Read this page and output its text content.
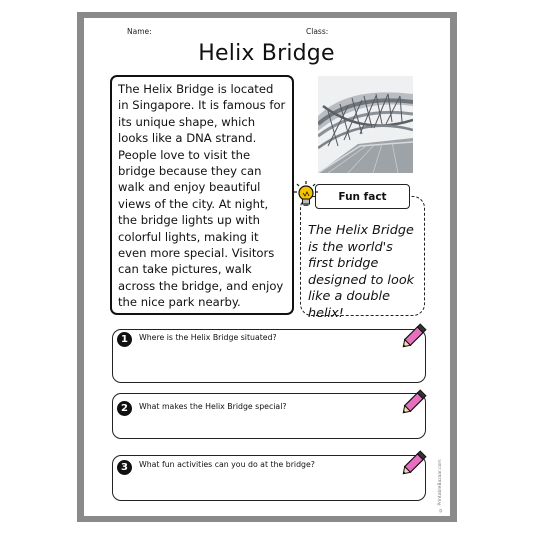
Name:	Class:
Helix Bridge
The Helix Bridge is located in Singapore. It is famous for its unique shape, which looks like a DNA strand. People love to visit the bridge because they can walk and enjoy beautiful views of the city. At night, the bridge lights up with colorful lights, making it even more special. Visitors can take pictures, walk across the bridge, and enjoy the nice park nearby.
The Helix Bridge is the world's first bridge designed to look like a double helix!
Fun fact
1	Where is the Helix Bridge situated?
2	What makes the Helix Bridge special?
3	What fun activities can you do at the bridge?	© PrintableBazaar.com
